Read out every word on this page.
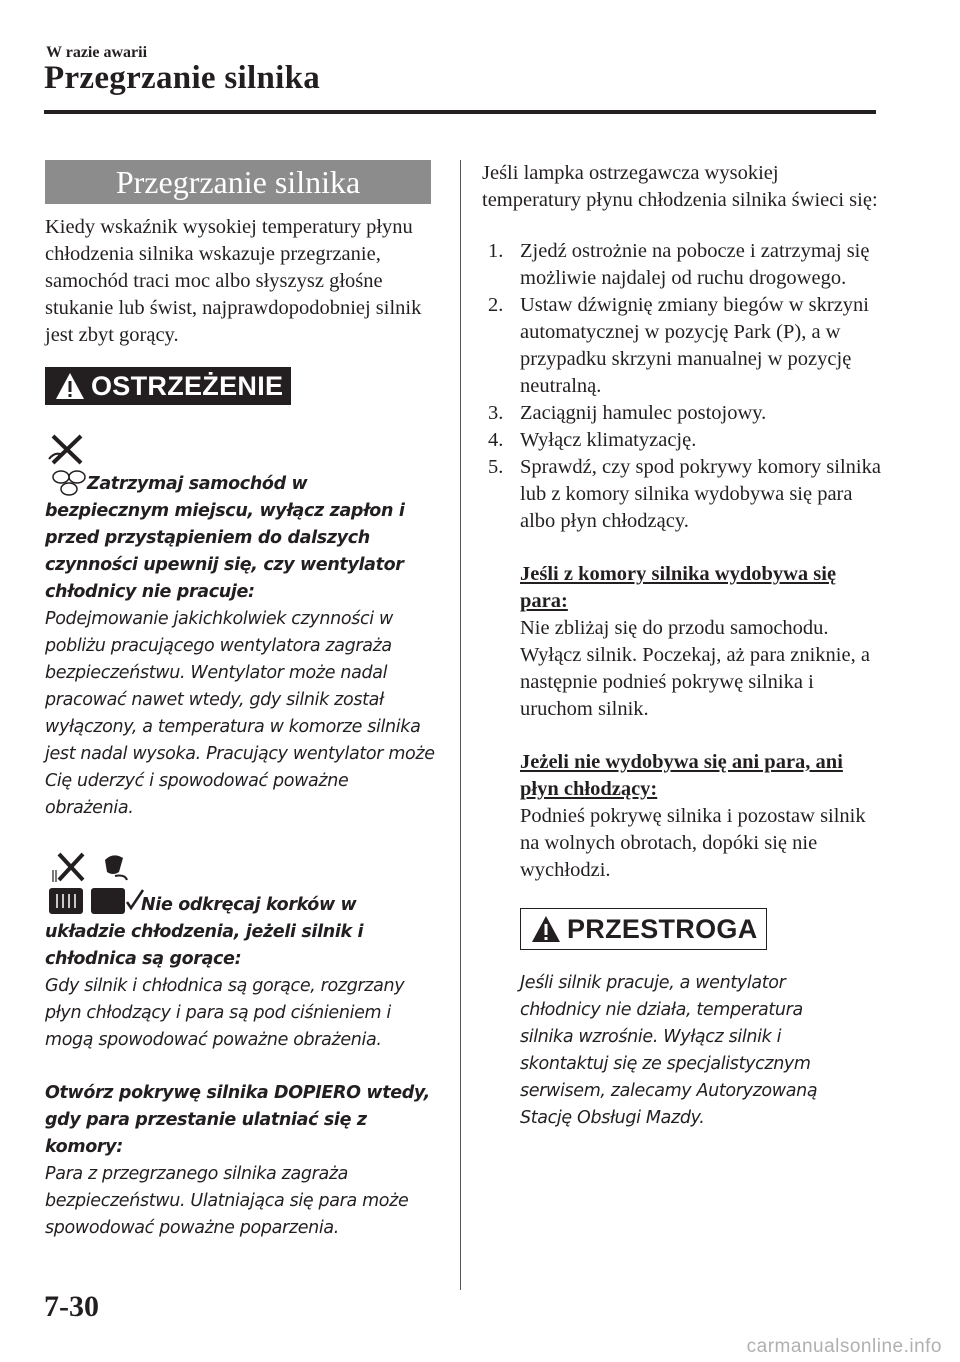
W razie awarii
Przegrzanie silnika
Przegrzanie silnika
Kiedy wskaźnik wysokiej temperatury płynu chłodzenia silnika wskazuje przegrzanie, samochód traci moc albo słyszysz głośne stukanie lub świst, najprawdopodobniej silnik jest zbyt gorący.
OSTRZEŻENIE
Zatrzymaj samochód w bezpiecznym miejscu, wyłącz zapłon i przed przystąpieniem do dalszych czynności upewnij się, czy wentylator chłodnicy nie pracuje:
Podejmowanie jakichkolwiek czynności w pobliżu pracującego wentylatora zagraża bezpieczeństwu. Wentylator może nadal pracować nawet wtedy, gdy silnik został wyłączony, a temperatura w komorze silnika jest nadal wysoka. Pracujący wentylator może Cię uderzyć i spowodować poważne obrażenia.
Nie odkręcaj korków w układzie chłodzenia, jeżeli silnik i chłodnica są gorące:
Gdy silnik i chłodnica są gorące, rozgrzany płyn chłodzący i para są pod ciśnieniem i mogą spowodować poważne obrażenia.
Otwórz pokrywę silnika DOPIERO wtedy, gdy para przestanie ulatniać się z komory:
Para z przegrzanego silnika zagraża bezpieczeństwu. Ulatniająca się para może spowodować poważne poparzenia.
Jeśli lampka ostrzegawcza wysokiej temperatury płynu chłodzenia silnika świeci się:
1. Zjedź ostrożnie na pobocze i zatrzymaj się możliwie najdalej od ruchu drogowego.
2. Ustaw dźwignię zmiany biegów w skrzyni automatycznej w pozycję Park (P), a w przypadku skrzyni manualnej w pozycję neutralną.
3. Zaciągnij hamulec postojowy.
4. Wyłącz klimatyzację.
5. Sprawdź, czy spod pokrywy komory silnika lub z komory silnika wydobywa się para albo płyn chłodzący.
Jeśli z komory silnika wydobywa się para:
Nie zbliżaj się do przodu samochodu. Wyłącz silnik. Poczekaj, aż para zniknie, a następnie podnieś pokrywę silnika i uruchom silnik.
Jeżeli nie wydobywa się ani para, ani płyn chłodzący:
Podnieś pokrywę silnika i pozostaw silnik na wolnych obrotach, dopóki się nie wychłodzi.
PRZESTROGA
Jeśli silnik pracuje, a wentylator chłodnicy nie działa, temperatura silnika wzrośnie. Wyłącz silnik i skontaktuj się ze specjalistycznym serwisem, zalecamy Autoryzowaną Stację Obsługi Mazdy.
7-30
carmanualsonline.info
